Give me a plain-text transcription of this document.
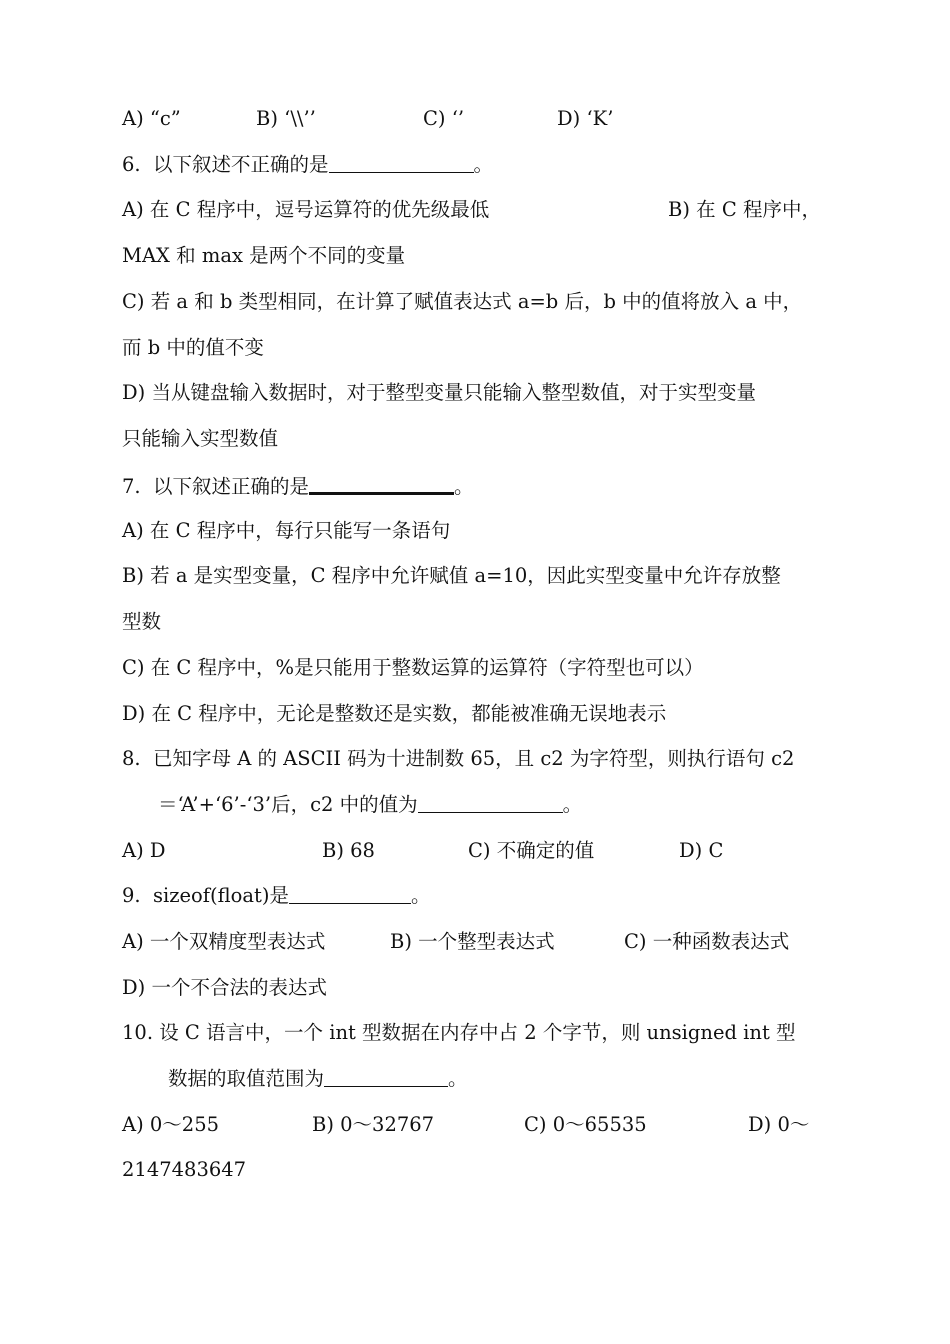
A) “c”	B) ‘\\’’	C) ‘’	D) ‘K’
6.  以下叙述不正确的是	。
A) 在 C 程序中，逗号运算符的优先级最低	B) 在 C 程序中，
MAX 和 max 是两个不同的变量
C) 若 a 和 b 类型相同，在计算了赋值表达式 a=b 后，b 中的值将放入 a 中，
而 b 中的值不变
D) 当从键盘输入数据时，对于整型变量只能输入整型数值，对于实型变量
只能输入实型数值
7.  以下叙述正确的是	。
A) 在 C 程序中，每行只能写一条语句
B) 若 a 是实型变量，C 程序中允许赋值 a=10，因此实型变量中允许存放整
型数
C) 在 C 程序中，%是只能用于整数运算的运算符（字符型也可以）
D) 在 C 程序中，无论是整数还是实数，都能被准确无误地表示
8.  已知字母 A 的 ASCII 码为十进制数 65，且 c2 为字符型，则执行语句 c2
＝‘A’+‘6’-‘3’后，c2 中的值为	。
A) D	B) 68	C) 不确定的值	D) C
9.  sizeof(float)是	。
A) 一个双精度型表达式	B) 一个整型表达式	C) 一种函数表达式
D) 一个不合法的表达式
10. 设 C 语言中，一个 int 型数据在内存中占 2 个字节，则 unsigned int 型
数据的取值范围为	。
A) 0～255	B) 0～32767	C) 0～65535	D) 0～
2147483647
